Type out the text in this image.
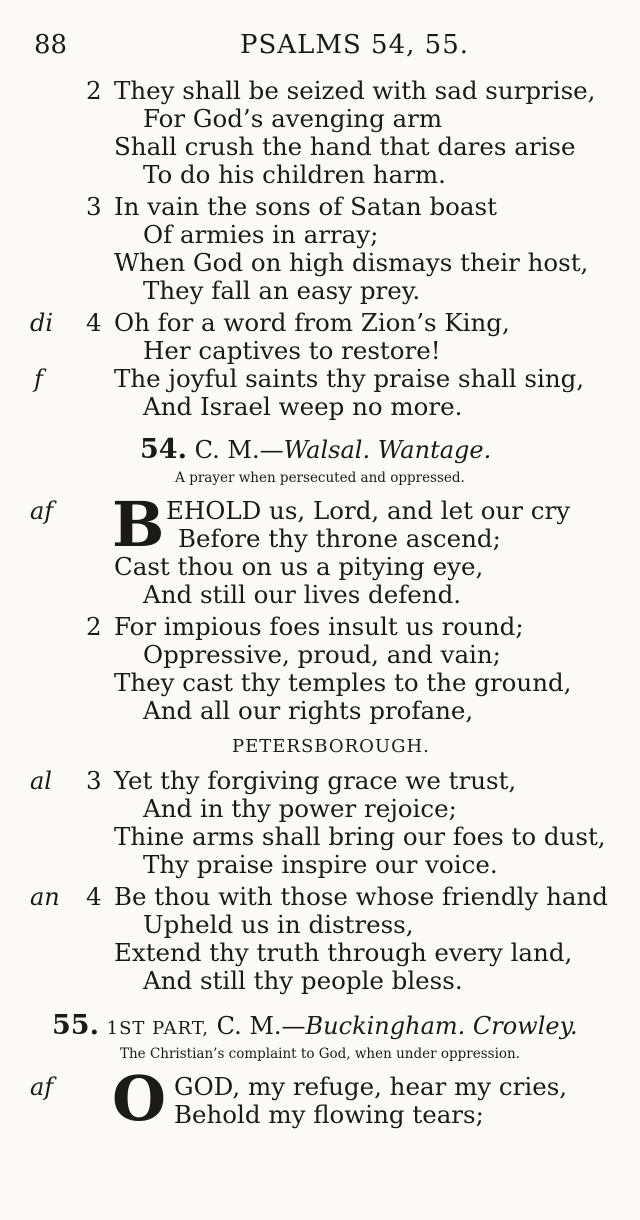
88	PSALMS 54, 55.
2 They shall be seized with sad surprise,
For God’s avenging arm
Shall crush the hand that dares arise
To do his children harm.
3 In vain the sons of Satan boast
Of armies in array;
When God on high dismays their host,
They fall an easy prey.
di 4 Oh for a word from Zion’s King,
Her captives to restore!
f	The joyful saints thy praise shall sing,
And Israel weep no more.
54. C. M.—Walsal. Wantage.
A prayer when persecuted and oppressed.
B
af	EHOLD us, Lord, and let our cry
Before thy throne ascend;
Cast thou on us a pitying eye,
And still our lives defend.
2 For impious foes insult us round;
Oppressive, proud, and vain;
They cast thy temples to the ground,
And all our rights profane,
PETERSBOROUGH.
al 3 Yet thy forgiving grace we trust,
And in thy power rejoice;
Thine arms shall bring our foes to dust,
Thy praise inspire our voice.
an 4 Be thou with those whose friendly hand
Upheld us in distress,
Extend thy truth through every land,
And still thy people bless.
55. 1ST PART, C. M.—Buckingham. Crowley.
The Christian’s complaint to God, when under oppression.
O
af	GOD, my refuge, hear my cries,
Behold my flowing tears;
